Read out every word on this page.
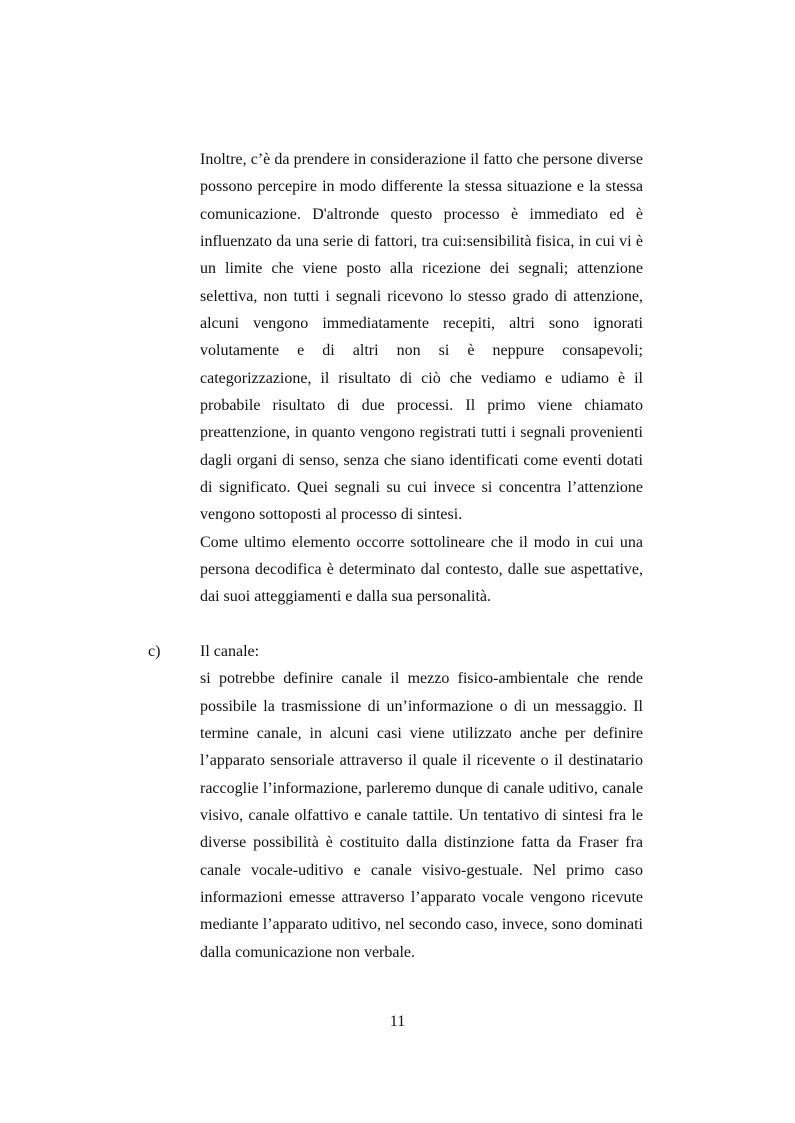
Inoltre, c’è da prendere in considerazione il fatto che persone diverse
possono percepire in modo differente la stessa situazione e la stessa
comunicazione. D'altronde questo processo è immediato ed è
influenzato da una serie di fattori, tra cui:sensibilità fisica, in cui vi è
un limite che viene posto alla ricezione dei segnali; attenzione
selettiva, non tutti i segnali ricevono lo stesso grado di attenzione,
alcuni vengono immediatamente recepiti, altri sono ignorati
volutamente e di altri non si è neppure consapevoli;
categorizzazione, il risultato di ciò che vediamo e udiamo è il
probabile risultato di due processi. Il primo viene chiamato
preattenzione, in quanto vengono registrati tutti i segnali provenienti
dagli organi di senso, senza che siano identificati come eventi dotati
di significato. Quei segnali su cui invece si concentra l’attenzione
vengono sottoposti al processo di sintesi.
Come ultimo elemento occorre sottolineare che il modo in cui una
persona decodifica è determinato dal contesto, dalle sue aspettative,
dai suoi atteggiamenti e dalla sua personalità.
c) Il canale:
si potrebbe definire canale il mezzo fisico-ambientale che rende
possibile la trasmissione di un’informazione o di un messaggio. Il
termine canale, in alcuni casi viene utilizzato anche per definire
l’apparato sensoriale attraverso il quale il ricevente o il destinatario
raccoglie l’informazione, parleremo dunque di canale uditivo, canale
visivo, canale olfattivo e canale tattile. Un tentativo di sintesi fra le
diverse possibilità è costituito dalla distinzione fatta da Fraser fra
canale vocale-uditivo e canale visivo-gestuale. Nel primo caso
informazioni emesse attraverso l’apparato vocale vengono ricevute
mediante l’apparato uditivo, nel secondo caso, invece, sono dominati
dalla comunicazione non verbale.
11
